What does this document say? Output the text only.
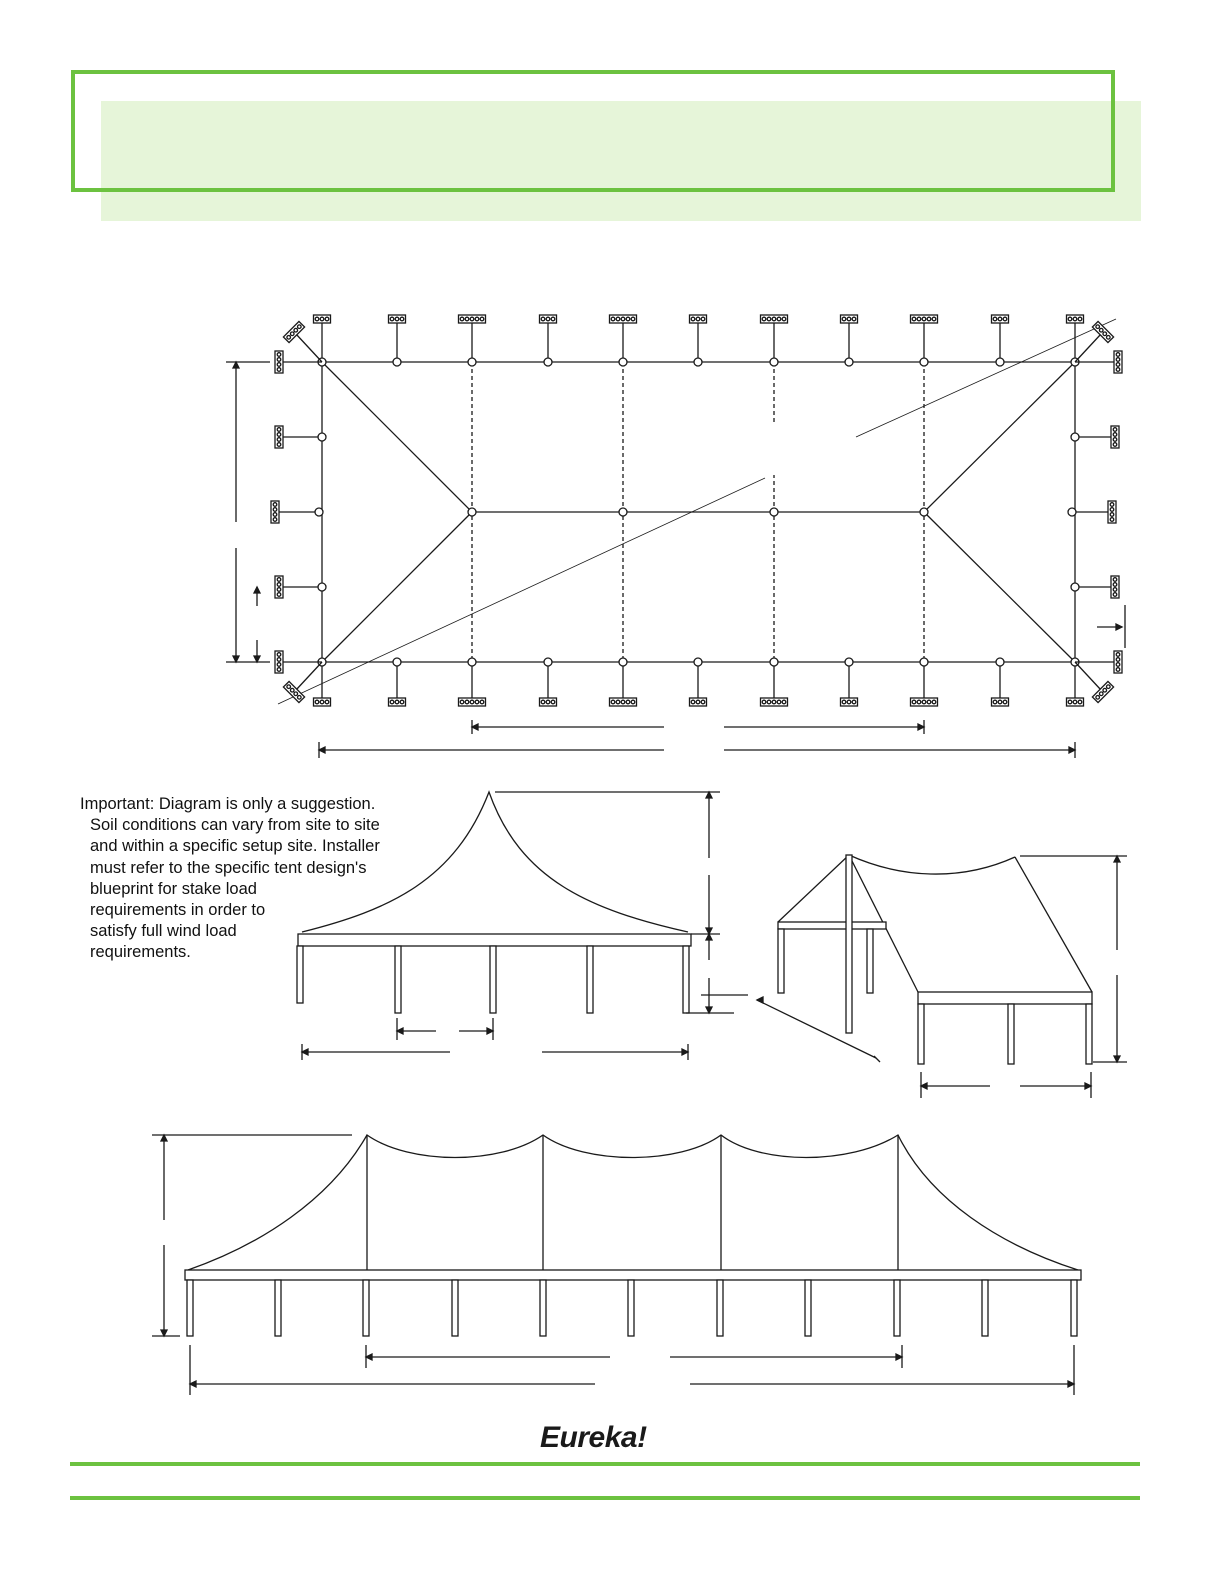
Important: Diagram is only a suggestion.
Soil conditions can vary from site to site
and within a specific setup site. Installer
must refer to the specific tent design's
blueprint for stake load
requirements in order to
satisfy full wind load
requirements.
Eureka!
